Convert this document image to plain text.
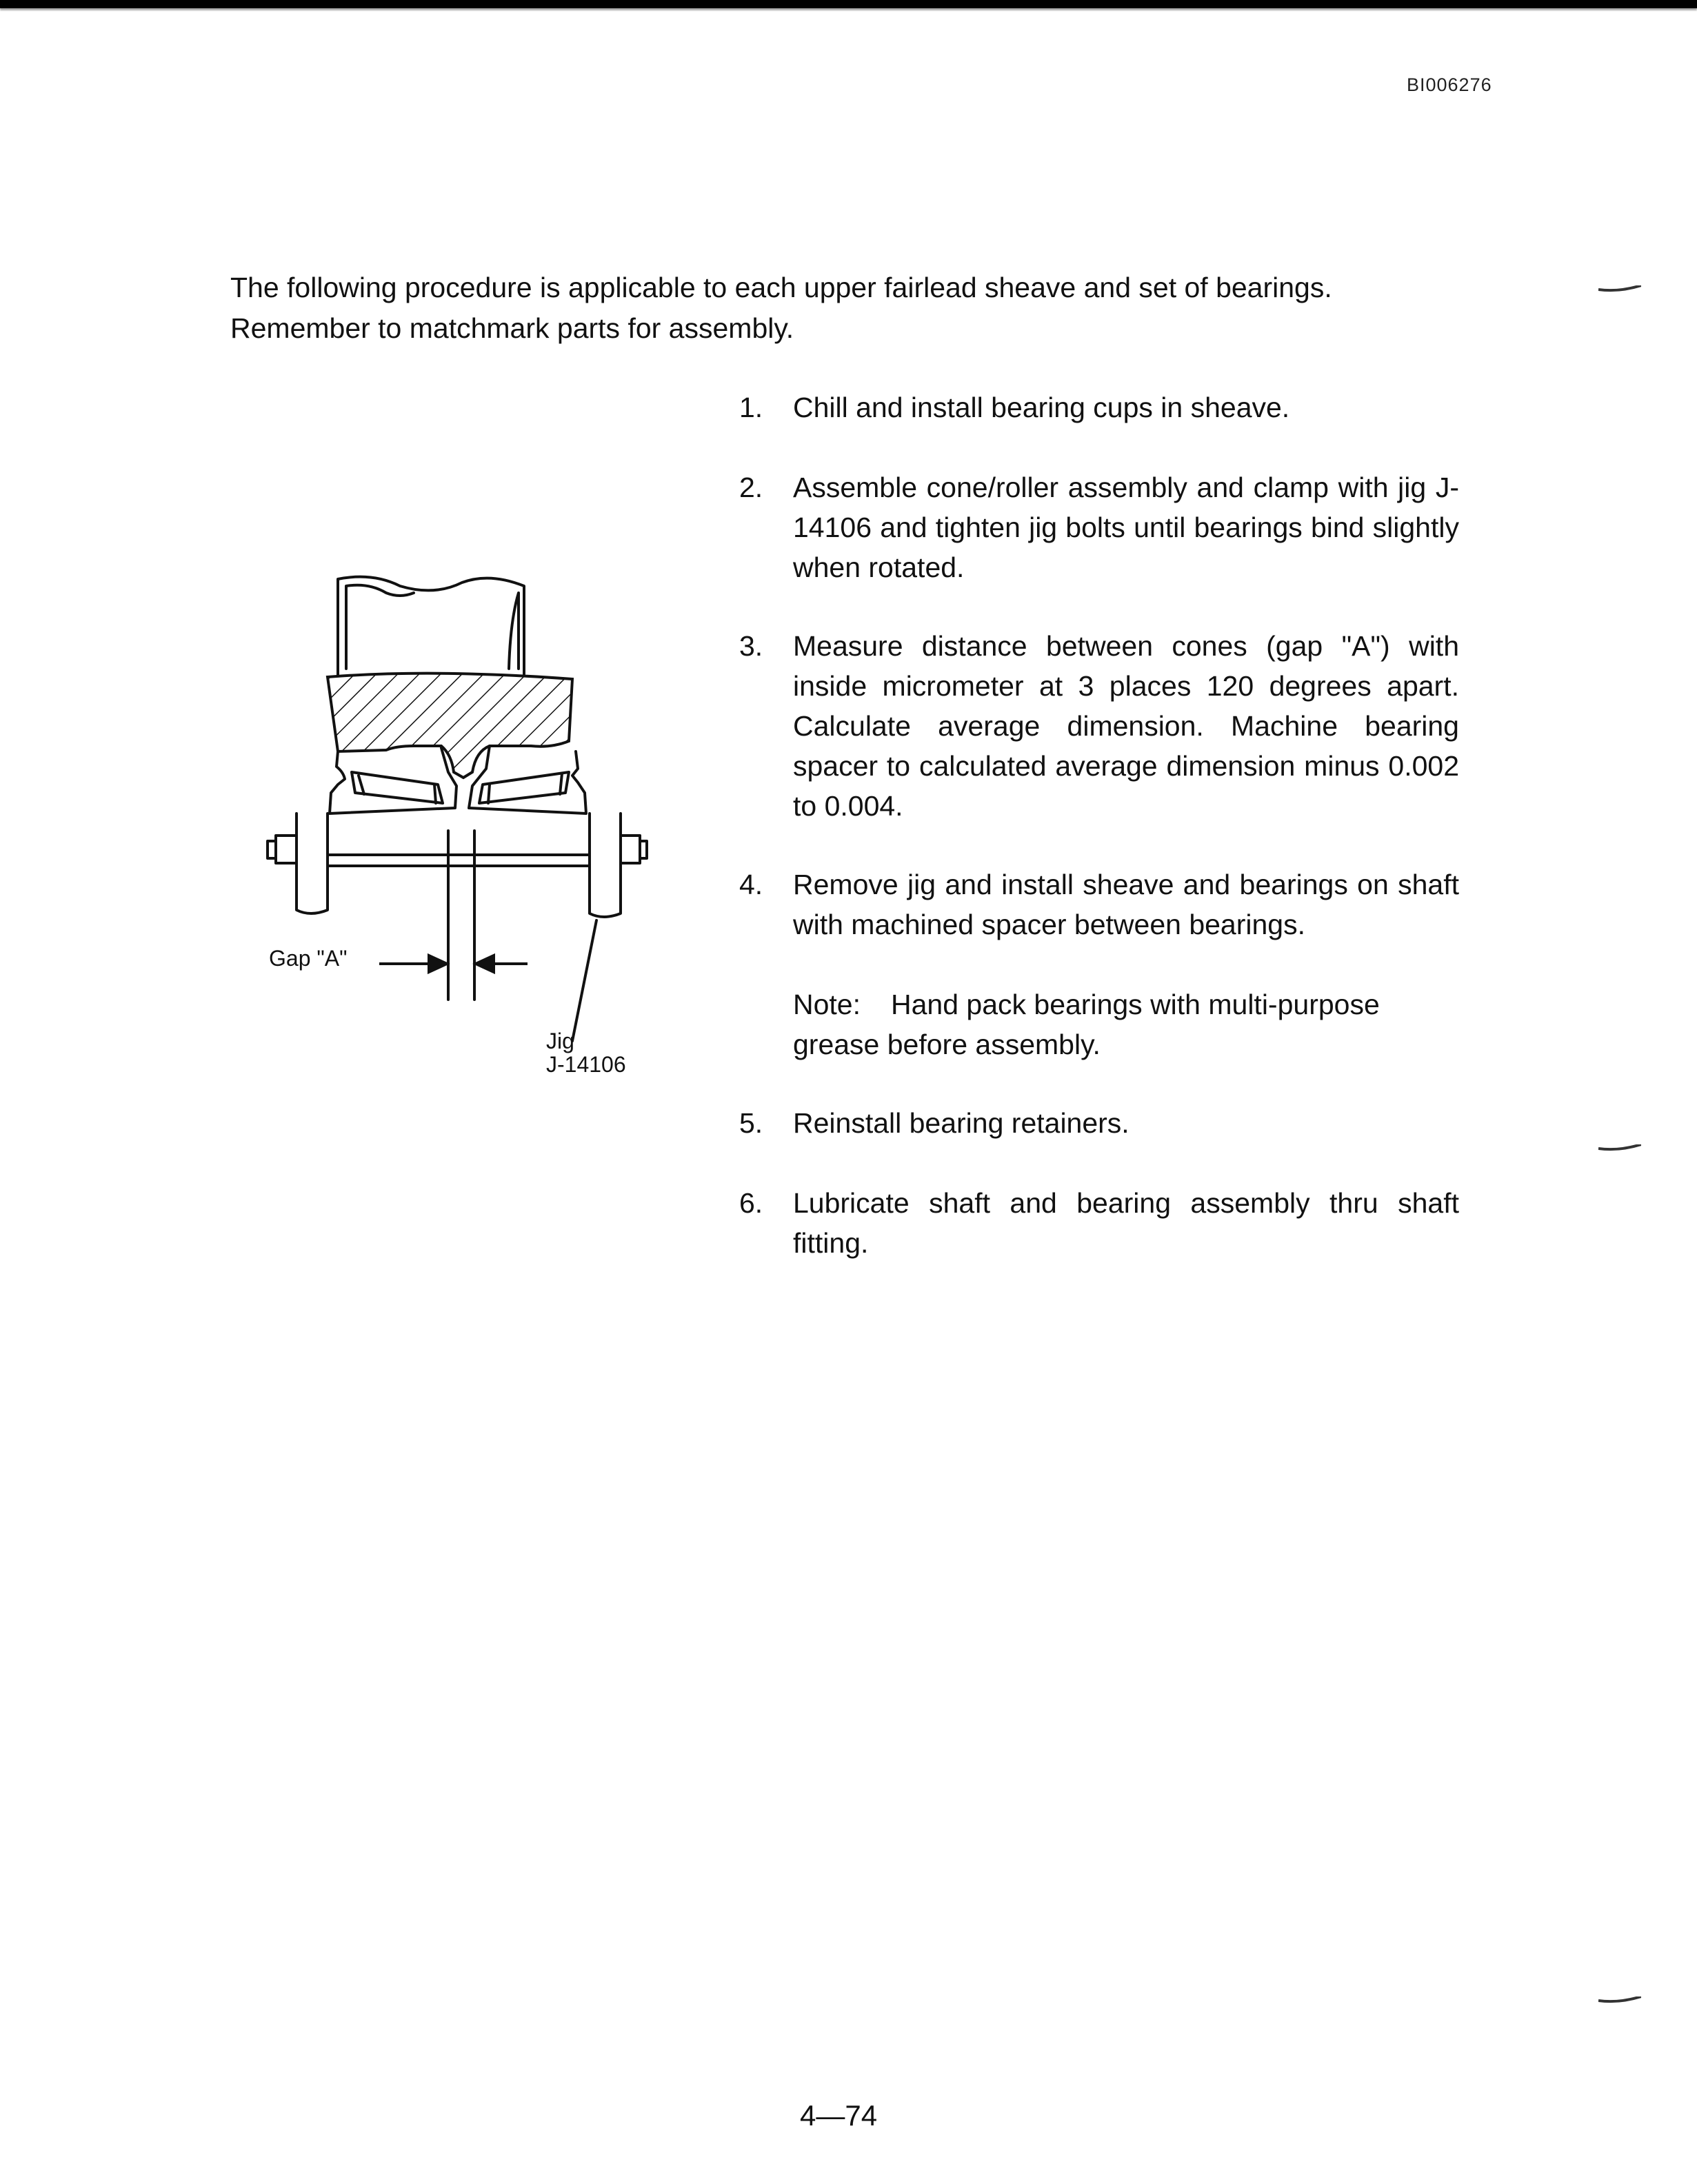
BI006276
The following procedure is applicable to each upper fairlead sheave and set of bearings.
Remember to matchmark parts for assembly.
1. Chill and install bearing cups in sheave.
2. Assemble cone/roller assembly and clamp with jig J-14106 and tighten jig bolts until bearings bind slightly when rotated.
3. Measure distance between cones (gap "A") with inside micrometer at 3 places 120 degrees apart. Calculate average dimension. Machine bearing spacer to calculated average dimension minus 0.002 to 0.004.
4. Remove jig and install sheave and bearings on shaft with machined spacer between bearings.
5. Reinstall bearing retainers.
6. Lubricate shaft and bearing assembly thru shaft fitting.
Note: Hand pack bearings with multi-purpose grease before assembly.
Gap "A"
Jig
J-14106
4—74
